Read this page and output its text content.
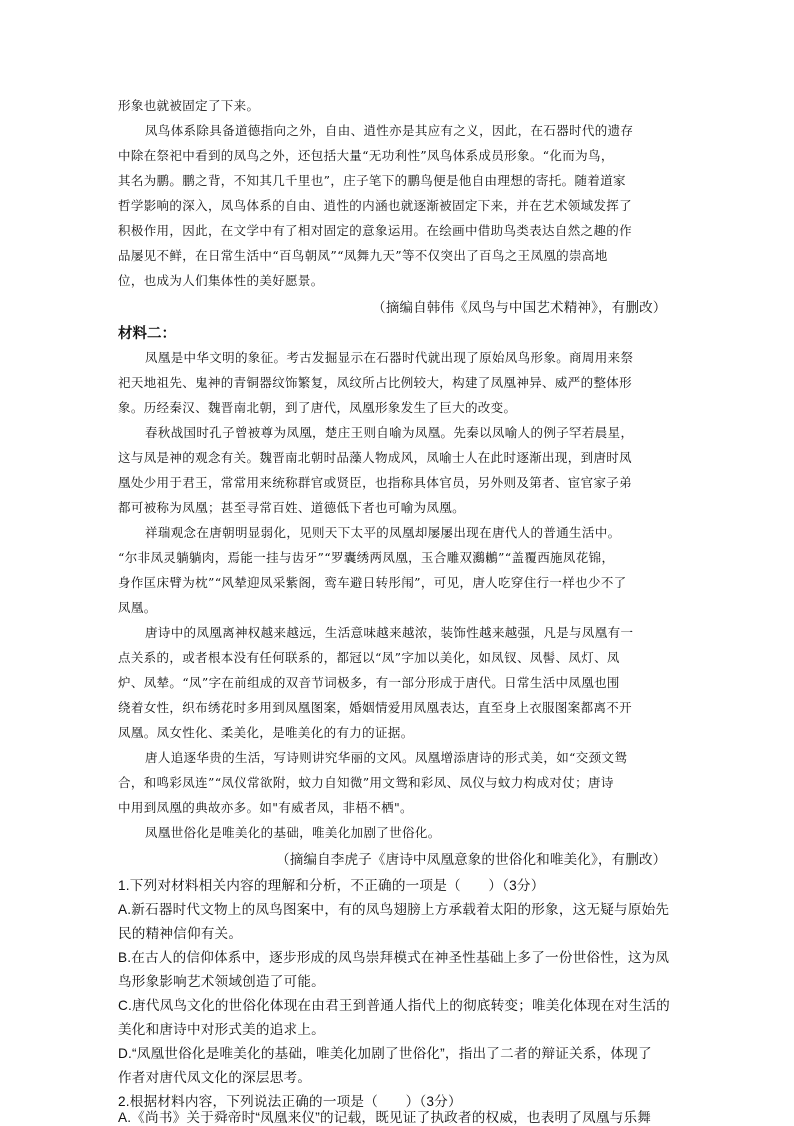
形象也就被固定了下来。
凤鸟体系除具备道德指向之外，自由、逍性亦是其应有之义，因此，在石器时代的遗存
中除在祭祀中看到的凤鸟之外，还包括大量“无功利性”凤鸟体系成员形象。“化而为鸟，
其名为鹏。鹏之背，不知其几千里也”，庄子笔下的鹏鸟便是他自由理想的寄托。随着道家
哲学影响的深入，凤鸟体系的自由、逍性的内涵也就逐渐被固定下来，并在艺术领域发挥了
积极作用，因此，在文学中有了相对固定的意象运用。在绘画中借助鸟类表达自然之趣的作
品屡见不鲜，在日常生活中“百鸟朝凤”“凤舞九天”等不仅突出了百鸟之王凤凰的崇高地
位，也成为人们集体性的美好愿景。
（摘编自韩伟《凤鸟与中国艺术精神》，有删改）
材料二：
凤凰是中华文明的象征。考古发掘显示在石器时代就出现了原始凤鸟形象。商周用来祭
祀天地祖先、鬼神的青铜器纹饰繁复，凤纹所占比例较大，构建了凤凰神异、威严的整体形
象。历经秦汉、魏晋南北朝，到了唐代，凤凰形象发生了巨大的改变。
春秋战国时孔子曾被尊为凤凰，楚庄王则自喻为凤凰。先秦以凤喻人的例子罕若晨星，
这与凤是神的观念有关。魏晋南北朝时品藻人物成风，凤喻士人在此时逐渐出现，到唐时凤
凰处少用于君王，常常用来统称群官或贤臣，也指称具体官员，另外则及第者、宦官家子弟
都可被称为凤凰；甚至寻常百姓、道德低下者也可喻为凤凰。
祥瑞观念在唐朝明显弱化，见则天下太平的凤凰却屡屡出现在唐代人的普通生活中。
“尔非凤灵躺躺肉，焉能一挂与齿牙”“罗囊绣两凤凰，玉合雕双鸂鶒”“盖覆西施凤花锦，
身作匡床臂为枕”“风辇迎凤采紫阁，鸾车避日转彤闱”，可见，唐人吃穿住行一样也少不了
凤凰。
唐诗中的凤凰离神权越来越远，生活意味越来越浓，装饰性越来越强，凡是与凤凰有一
点关系的，或者根本没有任何联系的，都冠以“凤”字加以美化，如凤钗、凤髻、凤灯、凤
炉、凤辇。“凤”字在前组成的双音节词极多，有一部分形成于唐代。日常生活中凤凰也围
绕着女性，织布绣花时多用到凤凰图案，婚姻情爱用凤凰表达，直至身上衣服图案都离不开
凤凰。凤女性化、柔美化，是唯美化的有力的证据。
唐人追逐华贵的生活，写诗则讲究华丽的文风。凤凰增添唐诗的形式美，如“交颈文鸳
合，和鸣彩凤连”“凤仪常欲附，蚊力自知微”用文鸳和彩凤、凤仪与蚊力构成对仗；唐诗
中用到凤凰的典故亦多。如"有威者凤，非梧不栖"。
凤凰世俗化是唯美化的基础，唯美化加剧了世俗化。
（摘编自李虎子《唐诗中凤凰意象的世俗化和唯美化》，有删改）
1.下列对材料相关内容的理解和分析，不正确的一项是（　　）（3分）
A.新石器时代文物上的凤鸟图案中，有的凤鸟翅膀上方承载着太阳的形象，这无疑与原始先
民的精神信仰有关。
B.在古人的信仰体系中，逐步形成的凤鸟崇拜模式在神圣性基础上多了一份世俗性，这为凤
鸟形象影响艺术领域创造了可能。
C.唐代凤鸟文化的世俗化体现在由君王到普通人指代上的彻底转变；唯美化体现在对生活的
美化和唐诗中对形式美的追求上。
D.“凤凰世俗化是唯美化的基础，唯美化加剧了世俗化”，指出了二者的辩证关系，体现了
作者对唐代凤文化的深层思考。
2.根据材料内容，下列说法正确的一项是（　　）（3分）
A.《尚书》关于舜帝时“凤凰来仪”的记载，既见证了执政者的权威，也表明了凤凰与乐舞
